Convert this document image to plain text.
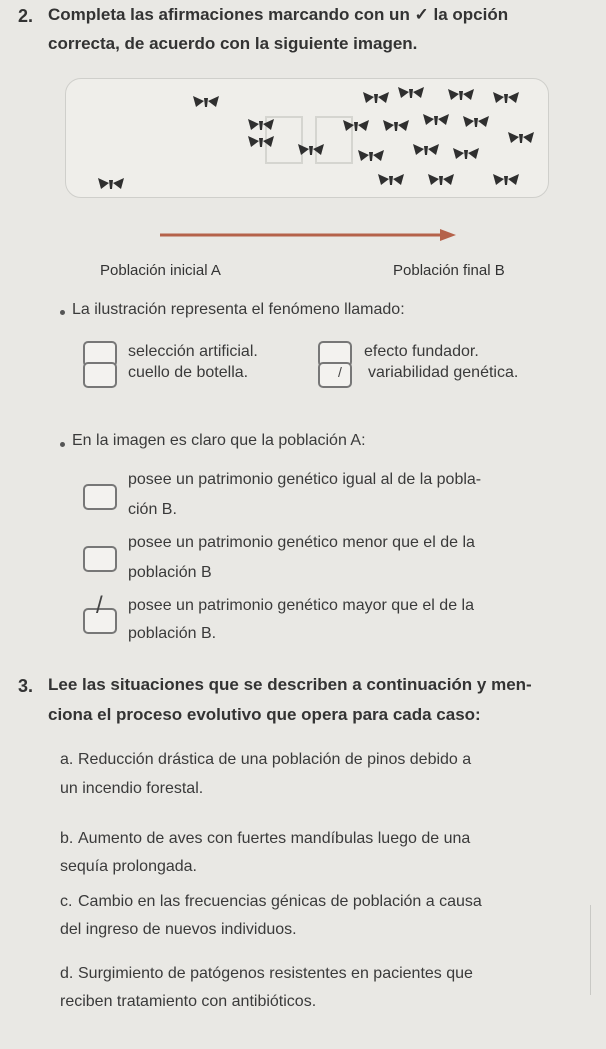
2. Completa las afirmaciones marcando con un ✓ la opción
correcta, de acuerdo con la siguiente imagen.
Población inicial A	Población final B
La ilustración representa el fenómeno llamado:
selección artificial.	efecto fundador.
cuello de botella.	/ variabilidad genética.
En la imagen es claro que la población A:
posee un patrimonio genético igual al de la pobla-
ción B.
posee un patrimonio genético menor que el de la
población B
/ posee un patrimonio genético mayor que el de la
población B.
3. Lee las situaciones que se describen a continuación y men-
ciona el proceso evolutivo que opera para cada caso:
a. Reducción drástica de una población de pinos debido a
un incendio forestal.
b. Aumento de aves con fuertes mandíbulas luego de una
sequía prolongada.
c. Cambio en las frecuencias génicas de población a causa
del ingreso de nuevos individuos.
d. Surgimiento de patógenos resistentes en pacientes que
reciben tratamiento con antibióticos.
